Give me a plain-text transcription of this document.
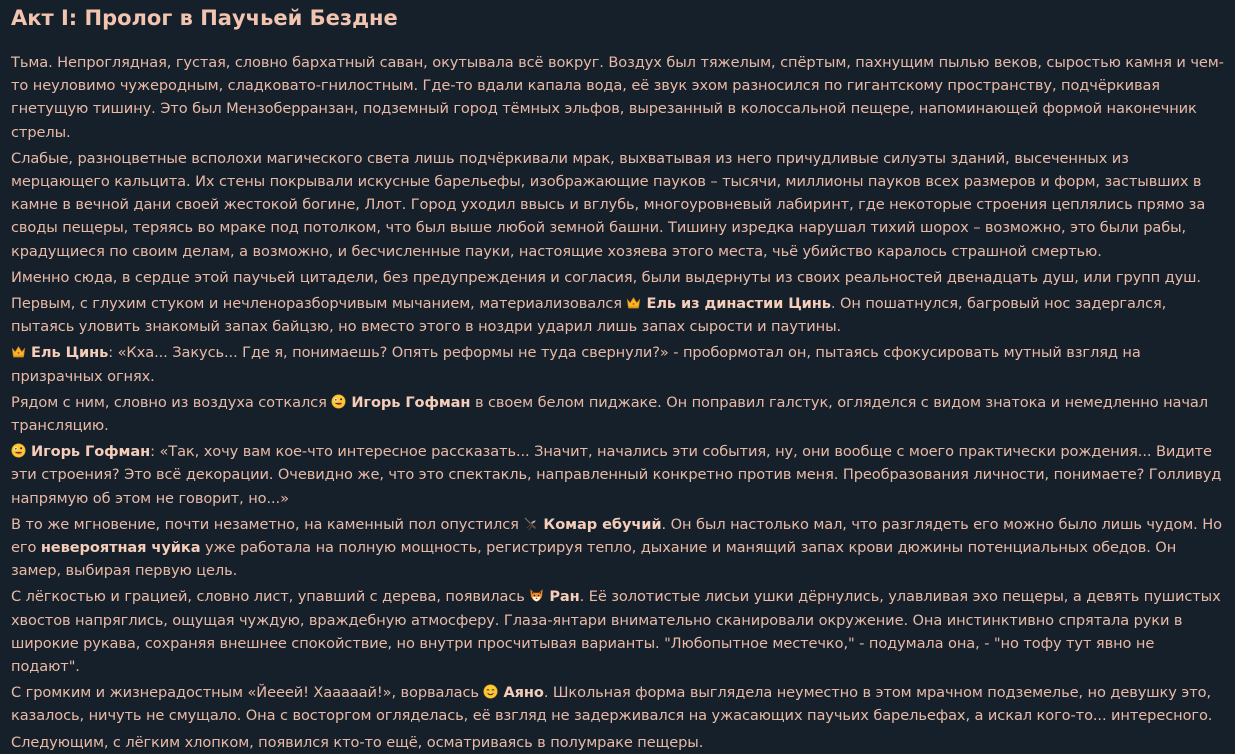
Акт I: Пролог в Паучьей Бездне

Тьма. Непроглядная, густая, словно бархатный саван, окутывала всё вокруг. Воздух был тяжелым, спёртым, пахнущим пылью веков, сыростью камня и чем-то неуловимо чужеродным, сладковато-гнилостным. Где-то вдали капала вода, её звук эхом разносился по гигантскому пространству, подчёркивая гнетущую тишину. Это был Мензоберранзан, подземный город тёмных эльфов, вырезанный в колоссальной пещере, напоминающей формой наконечник стрелы.

Слабые, разноцветные всполохи магического света лишь подчёркивали мрак, выхватывая из него причудливые силуэты зданий, высеченных из мерцающего кальцита. Их стены покрывали искусные барельефы, изображающие пауков – тысячи, миллионы пауков всех размеров и форм, застывших в камне в вечной дани своей жестокой богине, Ллот. Город уходил ввысь и вглубь, многоуровневый лабиринт, где некоторые строения цеплялись прямо за своды пещеры, теряясь во мраке под потолком, что был выше любой земной башни. Тишину изредка нарушал тихий шорох – возможно, это были рабы, крадущиеся по своим делам, а возможно, и бесчисленные пауки, настоящие хозяева этого места, чьё убийство каралось страшной смертью.

Именно сюда, в сердце этой паучьей цитадели, без предупреждения и согласия, были выдернуты из своих реальностей двенадцать душ, или групп душ.

Первым, с глухим стуком и нечленоразборчивым мычанием, материализовался
Ель из династии Цинь. Он пошатнулся, багровый нос задергался, пытаясь уловить знакомый запах байцзю, но вместо этого в ноздри ударил лишь запах сырости и паутины.

Ель Цинь: «Кха... Закусь... Где я, понимаешь? Опять реформы не туда свернули?» - пробормотал он, пытаясь сфокусировать мутный взгляд на призрачных огнях.

Рядом с ним, словно из воздуха соткался
Игорь Гофман в своем белом пиджаке. Он поправил галстук, огляделся с видом знатока и немедленно начал трансляцию.

Игорь Гофман: «Так, хочу вам кое-что интересное рассказать... Значит, начались эти события, ну, они вообще с моего практически рождения... Видите эти строения? Это всё декорации. Очевидно же, что это спектакль, направленный конкретно против меня. Преобразования личности, понимаете? Голливуд напрямую об этом не говорит, но...»

В то же мгновение, почти незаметно, на каменный пол опустился
Комар ебучий. Он был настолько мал, что разглядеть его можно было лишь чудом. Но его невероятная чуйка уже работала на полную мощность, регистрируя тепло, дыхание и манящий запах крови дюжины потенциальных обедов. Он замер, выбирая первую цель.

С лёгкостью и грацией, словно лист, упавший с дерева, появилась
Ран. Её золотистые лисьи ушки дёрнулись, улавливая эхо пещеры, а девять пушистых хвостов напряглись, ощущая чуждую, враждебную атмосферу. Глаза-янтари внимательно сканировали окружение. Она инстинктивно спрятала руки в широкие рукава, сохраняя внешнее спокойствие, но внутри просчитывая варианты. "Любопытное местечко," - подумала она, - "но тофу тут явно не подают".

С громким и жизнерадостным «Йееей! Хааааай!», ворвалась
Аяно. Школьная форма выглядела неуместно в этом мрачном подземелье, но девушку это, казалось, ничуть не смущало. Она с восторгом огляделась, её взгляд не задерживался на ужасающих паучьих барельефах, а искал кого-то... интересного.

Следующим, с лёгким хлопком, появился кто-то ещё, осматриваясь в полумраке пещеры.
